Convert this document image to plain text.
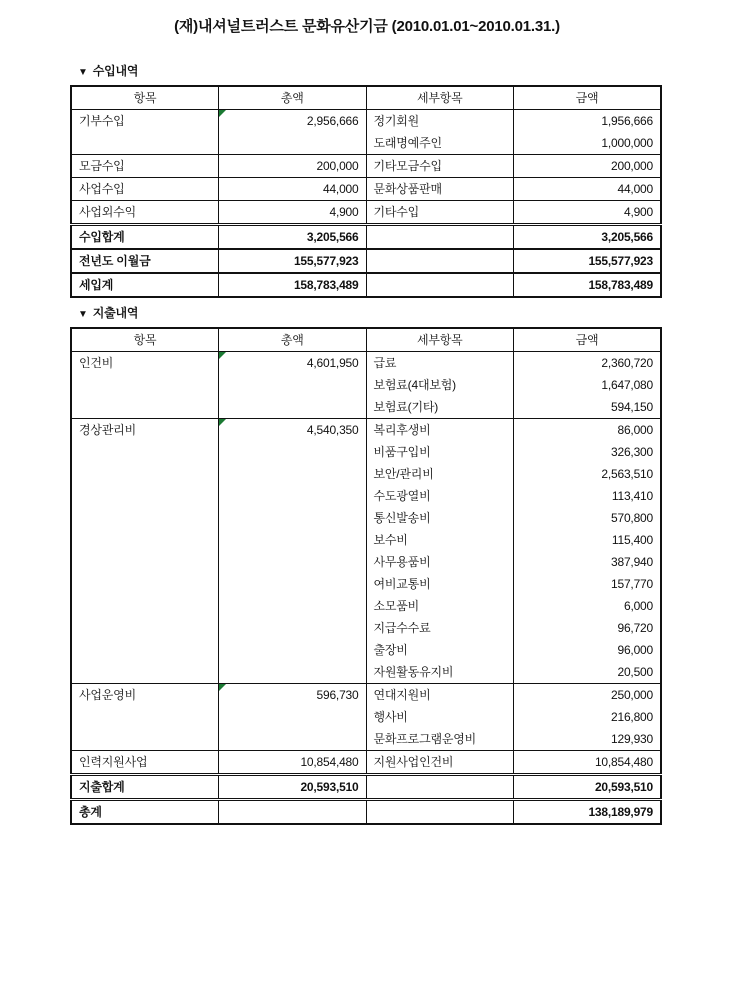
(재)내셔널트러스트 문화유산기금 (2010.01.01~2010.01.31.)
▼ 수입내역
항목	총액	세부항목	금액
기부수입	2,956,666	정기회원	1,956,666
		도래명예주인	1,000,000
모금수입	200,000	기타모금수입	200,000
사업수입	44,000	문화상품판매	44,000
사업외수익	4,900	기타수입	4,900
수입합계	3,205,566		3,205,566
전년도 이월금	155,577,923		155,577,923
세입계	158,783,489		158,783,489
▼ 지출내역
항목	총액	세부항목	금액
인건비	4,601,950	급료	2,360,720
		보험료(4대보험)	1,647,080
		보험료(기타)	594,150
경상관리비	4,540,350	복리후생비	86,000
		비품구입비	326,300
		보안/관리비	2,563,510
		수도광열비	113,410
		통신발송비	570,800
		보수비	115,400
		사무용품비	387,940
		여비교통비	157,770
		소모품비	6,000
		지급수수료	96,720
		출장비	96,000
		자원활동유지비	20,500
사업운영비	596,730	연대지원비	250,000
		행사비	216,800
		문화프로그램운영비	129,930
인력지원사업	10,854,480	지원사업인건비	10,854,480
지출합계	20,593,510		20,593,510
총계			138,189,979
